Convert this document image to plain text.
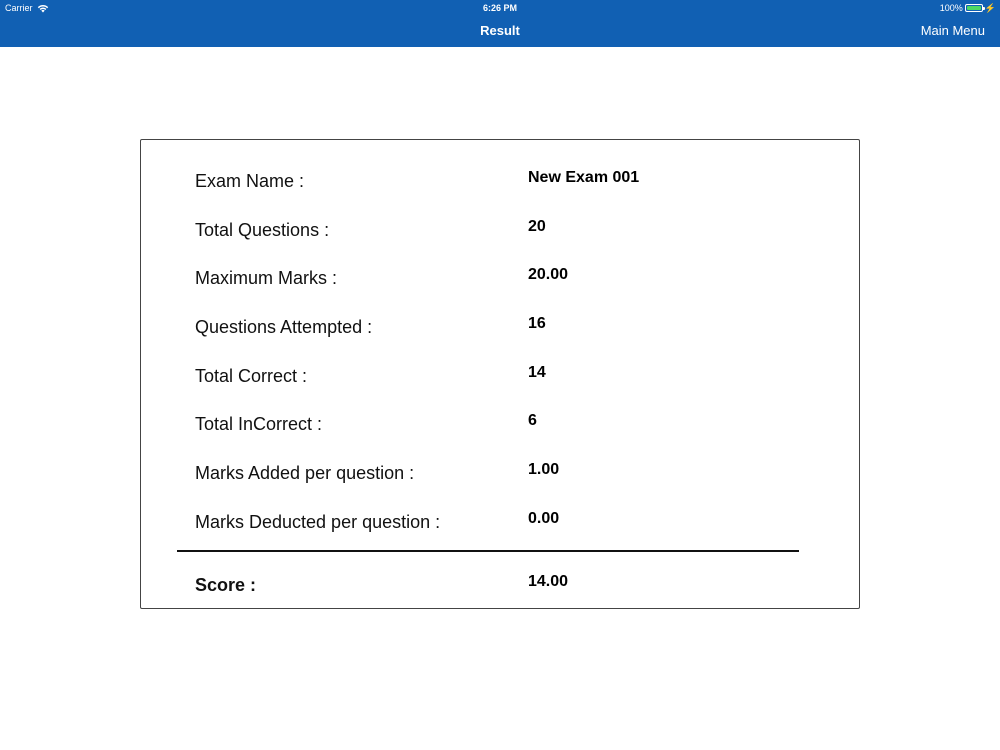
Carrier	6:26 PM	100% ⚡
Result	Main Menu
Exam Name :	New Exam 001
Total Questions :	20
Maximum Marks :	20.00
Questions Attempted :	16
Total Correct :	14
Total InCorrect :	6
Marks Added per question :	1.00
Marks Deducted per question :	0.00
Score :	14.00
